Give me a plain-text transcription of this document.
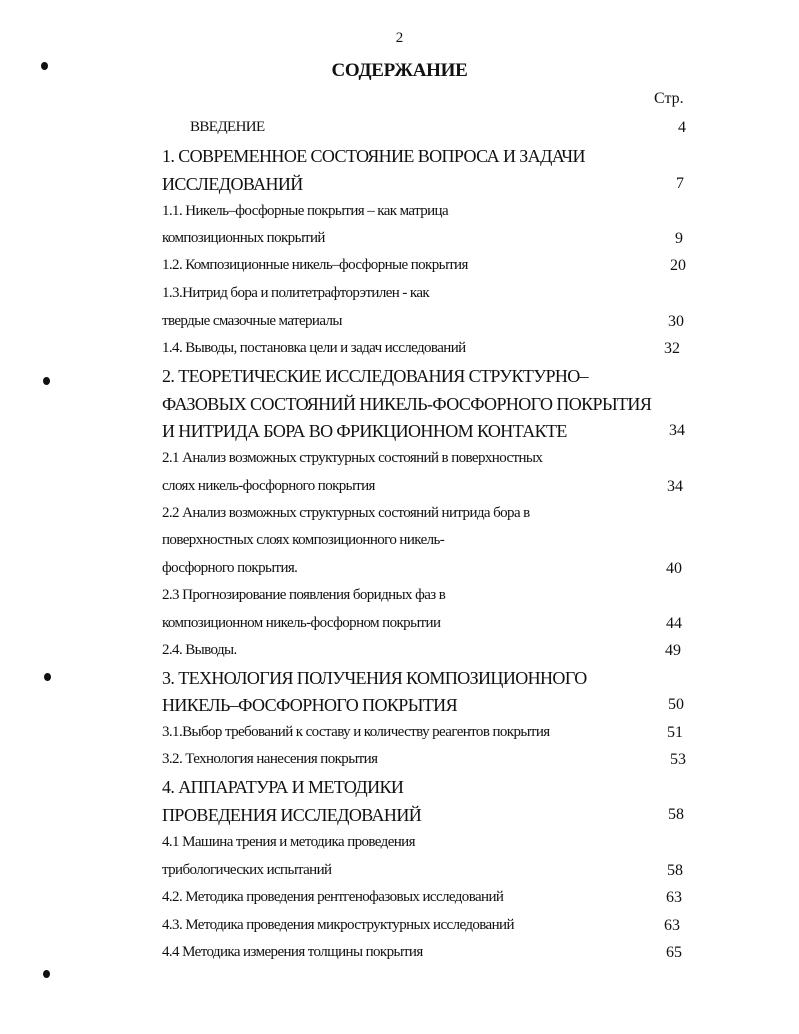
2
СОДЕРЖАНИЕ
Стр.
ВВЕДЕНИЕ
1. СОВРЕМЕННОЕ СОСТОЯНИЕ ВОПРОСА И ЗАДАЧИ
ИССЛЕДОВАНИЙ
1.1. Никель–фосфорные покрытия – как матрица
композиционных покрытий
1.2. Композиционные никель–фосфорные покрытия
1.3.Нитрид бора и политетрафторэтилен - как
твердые смазочные материалы
1.4. Выводы, постановка цели и задач исследований
2. ТЕОРЕТИЧЕСКИЕ ИССЛЕДОВАНИЯ СТРУКТУРНО–
ФАЗОВЫХ СОСТОЯНИЙ НИКЕЛЬ-ФОСФОРНОГО ПОКРЫТИЯ
И НИТРИДА БОРА ВО ФРИКЦИОННОМ КОНТАКТЕ
2.1 Анализ возможных структурных состояний в поверхностных
слоях никель-фосфорного покрытия
2.2 Анализ возможных структурных состояний нитрида бора в
поверхностных слоях композиционного никель-
фосфорного покрытия.
2.3 Прогнозирование появления боридных фаз в
композиционном никель-фосфорном покрытии
2.4. Выводы.
3. ТЕХНОЛОГИЯ ПОЛУЧЕНИЯ КОМПОЗИЦИОННОГО
НИКЕЛЬ–ФОСФОРНОГО ПОКРЫТИЯ
3.1.Выбор требований к составу и количеству реагентов покрытия
3.2. Технология нанесения покрытия
4. АППАРАТУРА И МЕТОДИКИ
ПРОВЕДЕНИЯ ИССЛЕДОВАНИЙ
4.1 Машина трения и методика проведения
трибологических испытаний
4.2. Методика проведения рентгенофазовых исследований
4.3. Методика проведения микроструктурных исследований
4.4 Методика измерения толщины покрытия
4
7
9
20
30
32
34
34
40
44
49
50
51
53
58
58
63
63
65
